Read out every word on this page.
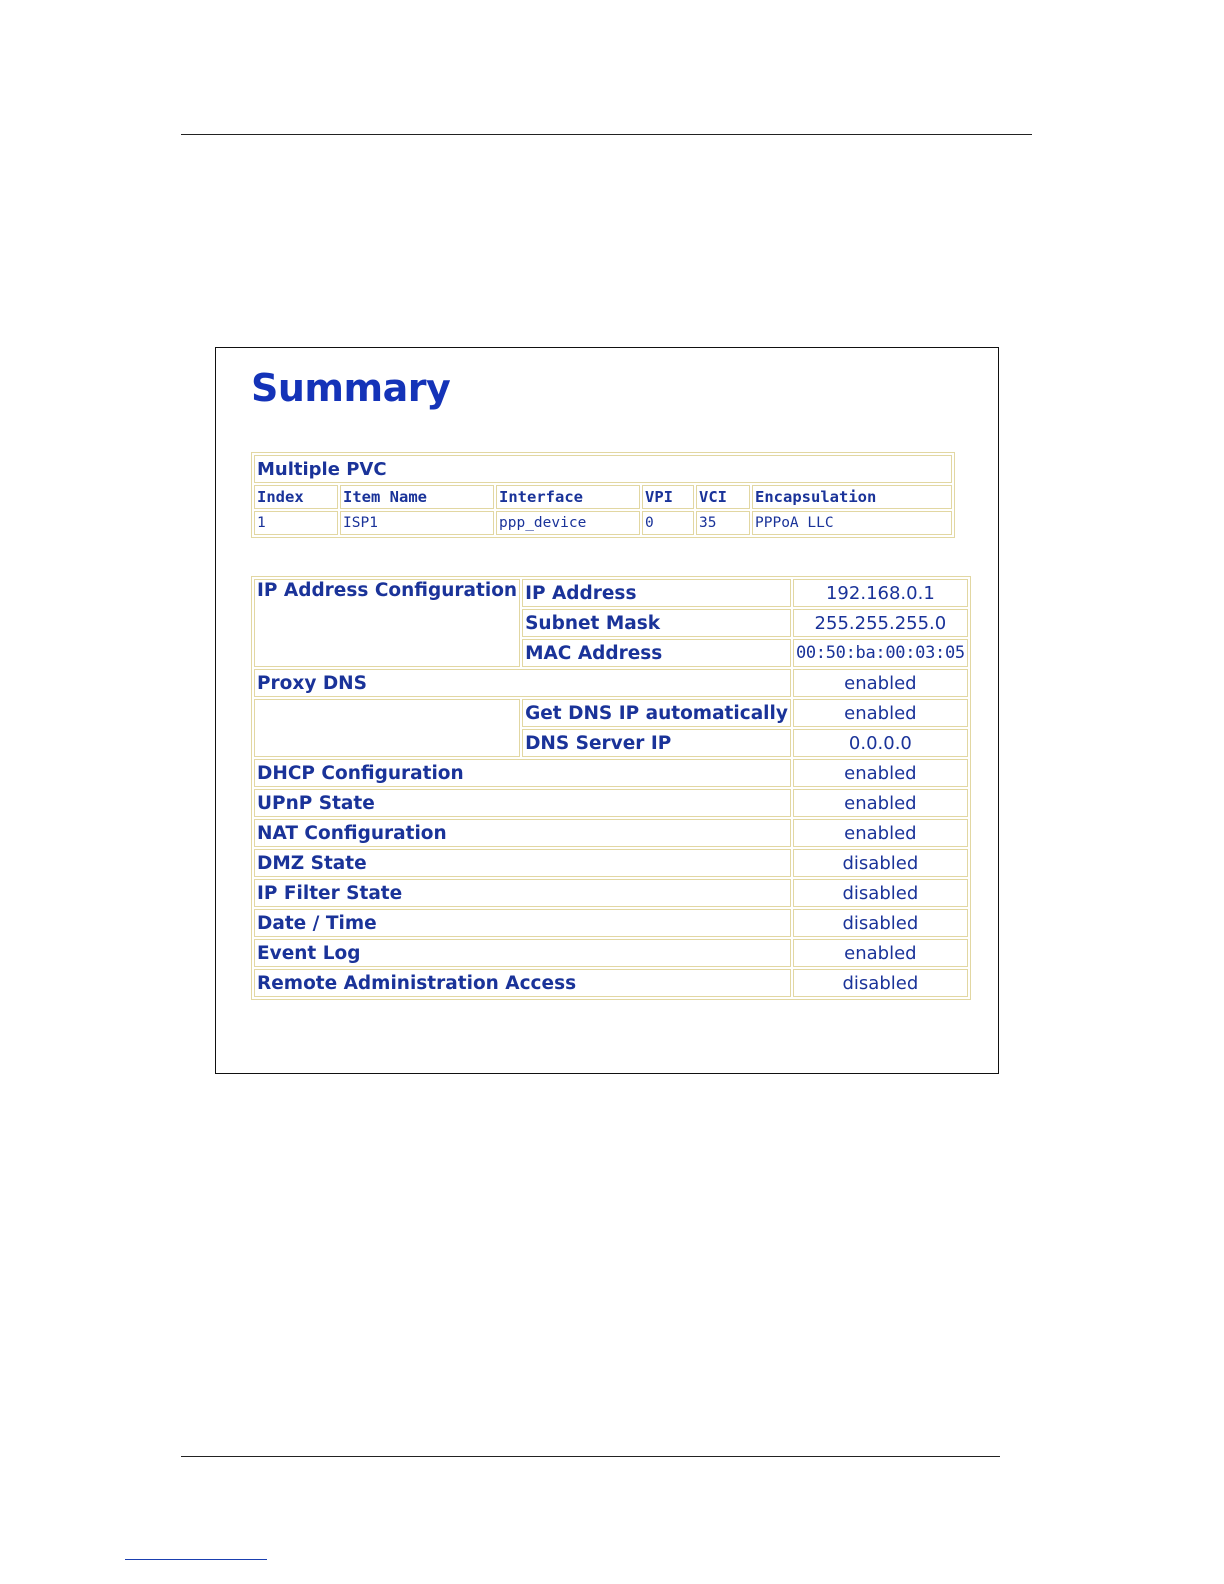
Summary
Multiple PVC					
Index	Item Name	Interface	VPI	VCI	Encapsulation
1	ISP1	ppp_device	0	35	PPPoA LLC
IP Address Configuration	IP Address	192.168.0.1
	Subnet Mask	255.255.255.0
	MAC Address	00:50:ba:00:03:05
Proxy DNS		enabled
	Get DNS IP automatically	enabled
	DNS Server IP	0.0.0.0
DHCP Configuration		enabled
UPnP State		enabled
NAT Configuration		enabled
DMZ State		disabled
IP Filter State		disabled
Date / Time		disabled
Event Log		enabled
Remote Administration Access		disabled
